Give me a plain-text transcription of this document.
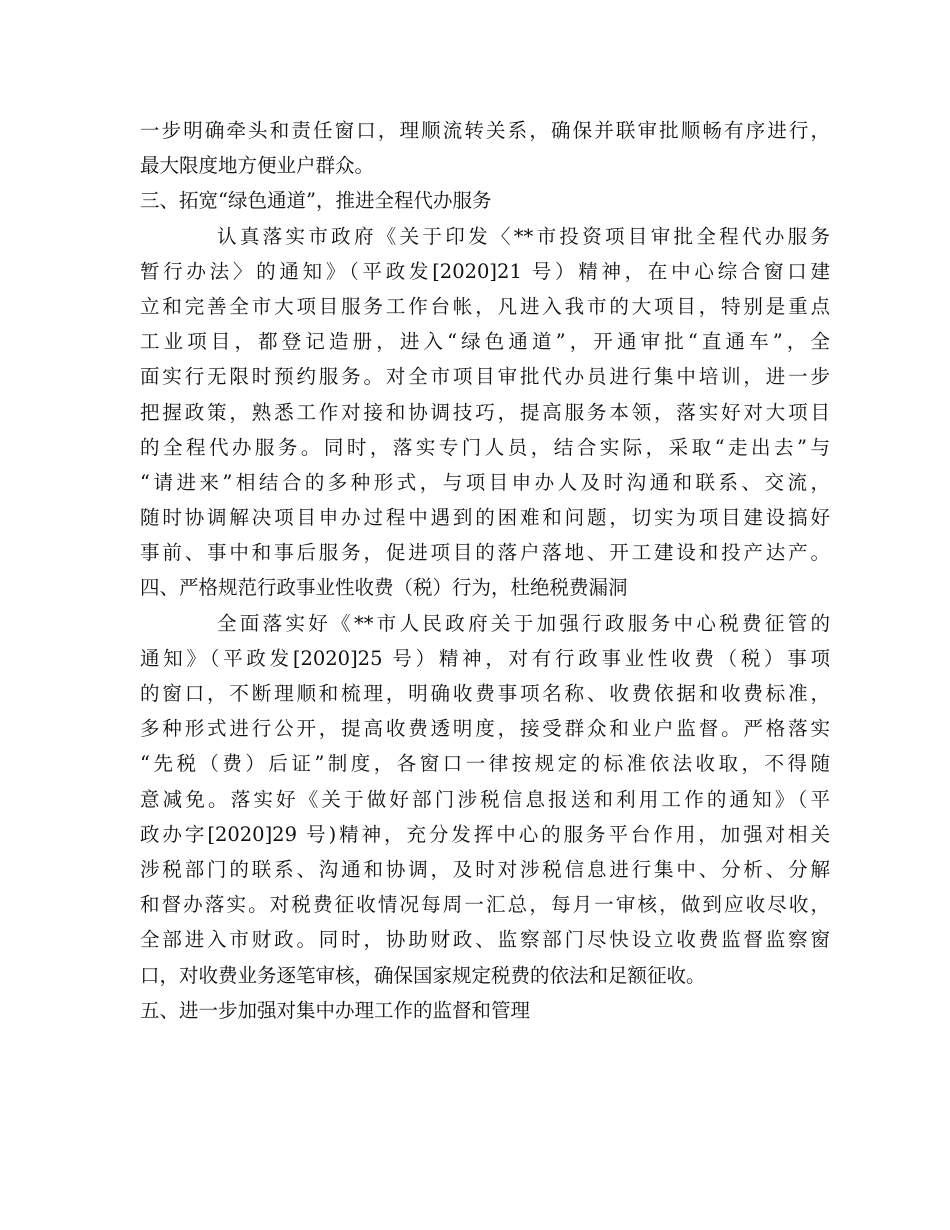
一步明确牵头和责任窗口，理顺流转关系，确保并联审批顺畅有序进行，
最大限度地方便业户群众。
三、拓宽“绿色通道”，推进全程代办服务
认真落实市政府《关于印发〈**市投资项目审批全程代办服务
暂行办法〉的通知》（平政发[2020]21 号）精神，在中心综合窗口建
立和完善全市大项目服务工作台帐，凡进入我市的大项目，特别是重点
工业项目，都登记造册，进入“绿色通道”，开通审批“直通车”，全
面实行无限时预约服务。对全市项目审批代办员进行集中培训，进一步
把握政策，熟悉工作对接和协调技巧，提高服务本领，落实好对大项目
的全程代办服务。同时，落实专门人员，结合实际，采取“走出去”与
“请进来”相结合的多种形式，与项目申办人及时沟通和联系、交流，
随时协调解决项目申办过程中遇到的困难和问题，切实为项目建设搞好
事前、事中和事后服务，促进项目的落户落地、开工建设和投产达产。
四、严格规范行政事业性收费（税）行为，杜绝税费漏洞
全面落实好《**市人民政府关于加强行政服务中心税费征管的
通知》（平政发[2020]25 号）精神，对有行政事业性收费（税）事项
的窗口，不断理顺和梳理，明确收费事项名称、收费依据和收费标准，
多种形式进行公开，提高收费透明度，接受群众和业户监督。严格落实
“先税（费）后证”制度，各窗口一律按规定的标准依法收取，不得随
意减免。落实好《关于做好部门涉税信息报送和利用工作的通知》（平
政办字[2020]29 号)精神，充分发挥中心的服务平台作用，加强对相关
涉税部门的联系、沟通和协调，及时对涉税信息进行集中、分析、分解
和督办落实。对税费征收情况每周一汇总，每月一审核，做到应收尽收，
全部进入市财政。同时，协助财政、监察部门尽快设立收费监督监察窗
口，对收费业务逐笔审核，确保国家规定税费的依法和足额征收。
五、进一步加强对集中办理工作的监督和管理
